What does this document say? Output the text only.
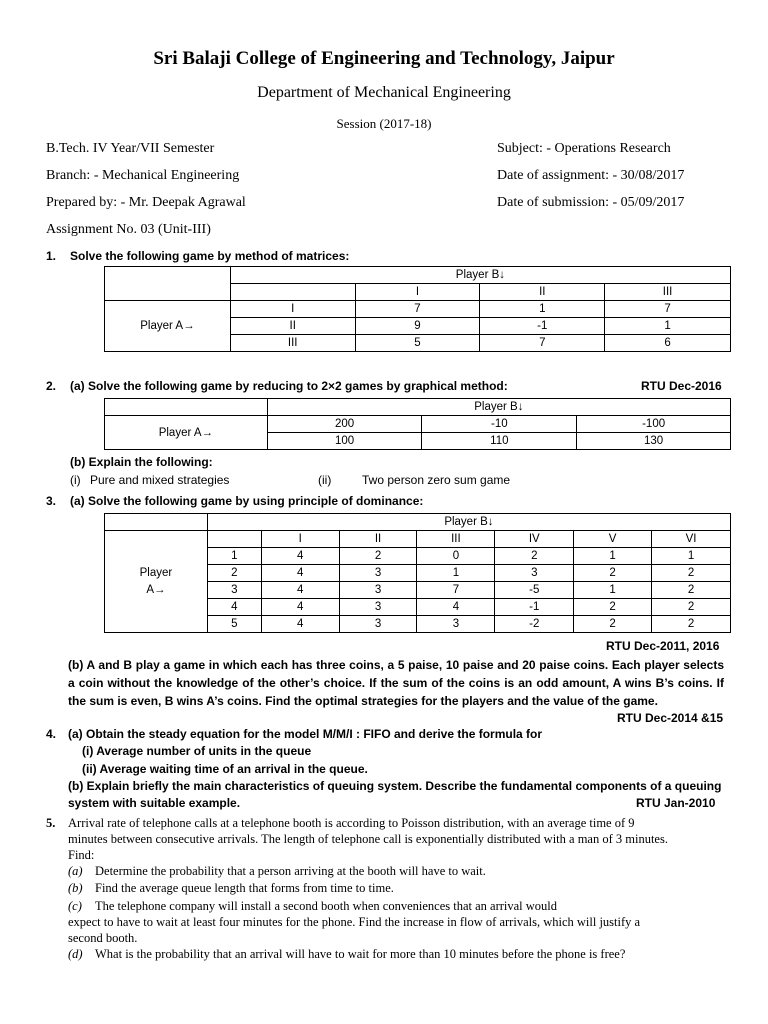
Sri Balaji College of Engineering and Technology, Jaipur
Department of Mechanical Engineering
Session (2017-18)
B.Tech. IV Year/VII Semester	Subject: - Operations Research
Branch: - Mechanical Engineering	Date of assignment: - 30/08/2017
Prepared by: - Mr. Deepak Agrawal	Date of submission: - 05/09/2017
Assignment No. 03 (Unit-III)
1. Solve the following game by method of matrices:
	Player B↓			
		I	II	III
Player A→	I	7	1	7
	II	9	-1	1
	III	5	7	6
2. (a) Solve the following game by reducing to 2×2 games by graphical method:	RTU Dec-2016
	Player B↓		
Player A→	200	-10	-100
	100	110	130
(b) Explain the following:
(i) Pure and mixed strategies	(ii)	Two person zero sum game
3. (a) Solve the following game by using principle of dominance:
	Player B↓						

Player
A→		I	II	III	IV	V	VI
	1	4	2	0	2	1	1
	2	4	3	1	3	2	2
	3	4	3	7	-5	1	2
	4	4	3	4	-1	2	2
	5	4	3	3	-2	2	2
RTU Dec-2011, 2016
(b) A and B play a game in which each has three coins, a 5 paise, 10 paise and 20 paise coins. Each player selects a coin without the knowledge of the other’s choice. If the sum of the coins is an odd amount, A wins B’s coins. If the sum is even, B wins A’s coins. Find the optimal strategies for the players and the value of the game.
RTU Dec-2014 &15
4. (a) Obtain the steady equation for the model M/M/I : FIFO and derive the formula for
(i) Average number of units in the queue
(ii) Average waiting time of an arrival in the queue.
(b) Explain briefly the main characteristics of queuing system. Describe the fundamental components of a queuing
system with suitable example.	RTU Jan-2010
5. Arrival rate of telephone calls at a telephone booth is according to Poisson distribution, with an average time of 9
minutes between consecutive arrivals. The length of telephone call is exponentially distributed with a man of 3 minutes.
Find:
(a) Determine the probability that a person arriving at the booth will have to wait.
(b) Find the average queue length that forms from time to time.
(c) The telephone company will install a second booth when conveniences that an arrival would
expect to have to wait at least four minutes for the phone. Find the increase in flow of arrivals, which will justify a
second booth.
(d) What is the probability that an arrival will have to wait for more than 10 minutes before the phone is free?
